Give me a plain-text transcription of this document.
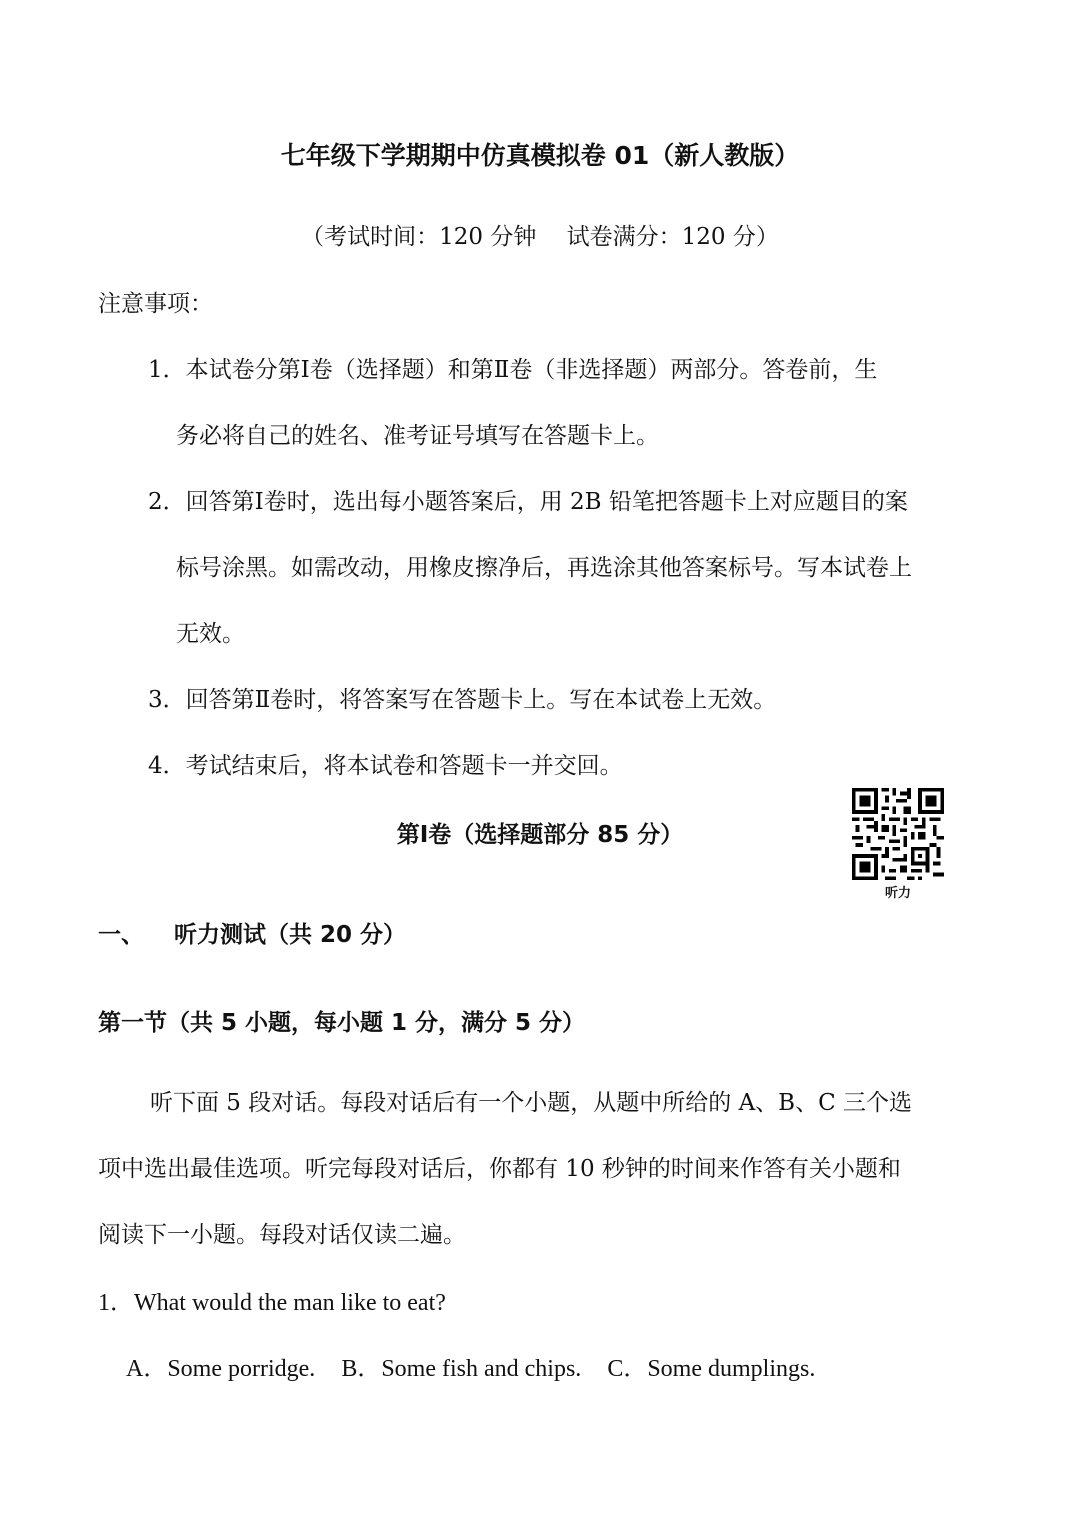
七年级下学期期中仿真模拟卷 01（新人教版）
（考试时间：120 分钟　 试卷满分：120 分）
注意事项：
1．本试卷分第Ⅰ卷（选择题）和第Ⅱ卷（非选择题）两部分。答卷前，生
务必将自己的姓名、准考证号填写在答题卡上。
2．回答第Ⅰ卷时，选出每小题答案后，用 2B 铅笔把答题卡上对应题目的案
标号涂黑。如需改动，用橡皮擦净后，再选涂其他答案标号。写本试卷上
无效。
3．回答第Ⅱ卷时，将答案写在答题卡上。写在本试卷上无效。
4．考试结束后，将本试卷和答题卡一并交回。
第Ⅰ卷（选择题部分 85 分）
听力
一、 听力测试（共 20 分）
第一节（共 5 小题，每小题 1 分，满分 5 分）
听下面 5 段对话。每段对话后有一个小题，从题中所给的 A、B、C 三个选
项中选出最佳选项。听完每段对话后，你都有 10 秒钟的时间来作答有关小题和
阅读下一小题。每段对话仅读二遍。
1．What would the man like to eat?
A．Some porridge. B．Some fish and chips. C．Some dumplings.
